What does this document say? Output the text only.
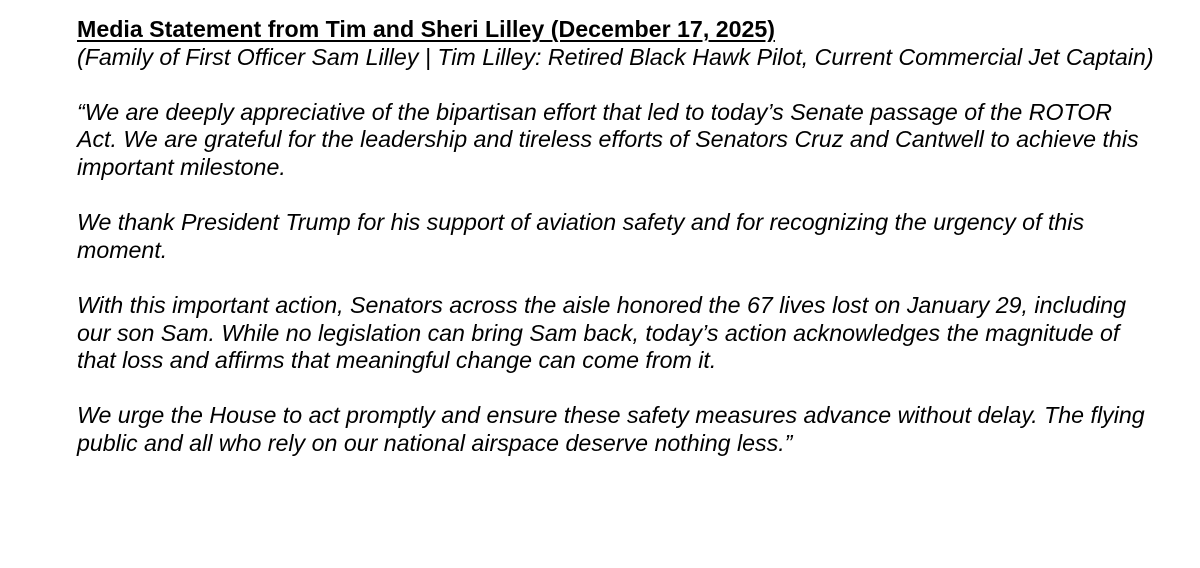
Media Statement from Tim and Sheri Lilley (December 17, 2025)

(Family of First Officer Sam Lilley | Tim Lilley: Retired Black Hawk Pilot, Current Commercial Jet Captain)

“We are deeply appreciative of the bipartisan effort that led to today’s Senate passage of the ROTOR Act. We are grateful for the leadership and tireless efforts of Senators Cruz and Cantwell to achieve this important milestone.

We thank President Trump for his support of aviation safety and for recognizing the urgency of this moment.

With this important action, Senators across the aisle honored the 67 lives lost on January 29, including our son Sam. While no legislation can bring Sam back, today’s action acknowledges the magnitude of that loss and affirms that meaningful change can come from it.

We urge the House to act promptly and ensure these safety measures advance without delay. The flying public and all who rely on our national airspace deserve nothing less.”
